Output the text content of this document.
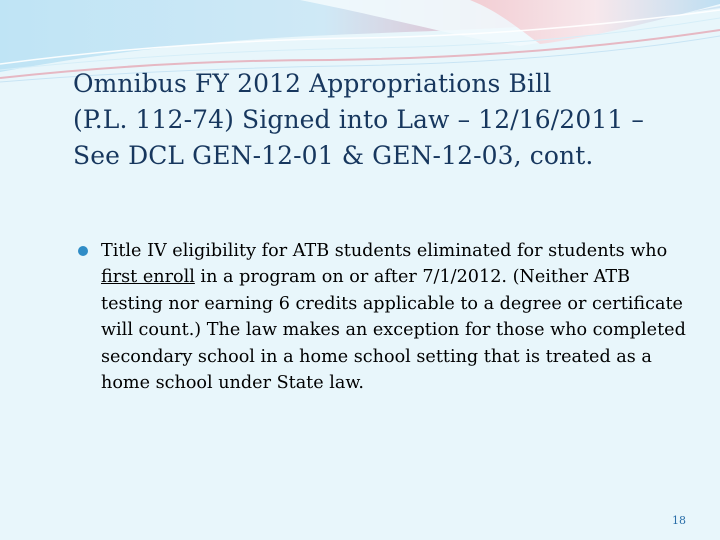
Omnibus FY 2012 Appropriations Bill
(P.L. 112-74) Signed into Law – 12/16/2011 –
See DCL GEN-12-01 & GEN-12-03, cont.
Title IV eligibility for ATB students eliminated for students who first enroll in a program on or after 7/1/2012. (Neither ATB testing nor earning 6 credits applicable to a degree or certificate will count.) The law makes an exception for those who completed secondary school in a home school setting that is treated as a home school under State law.
18
